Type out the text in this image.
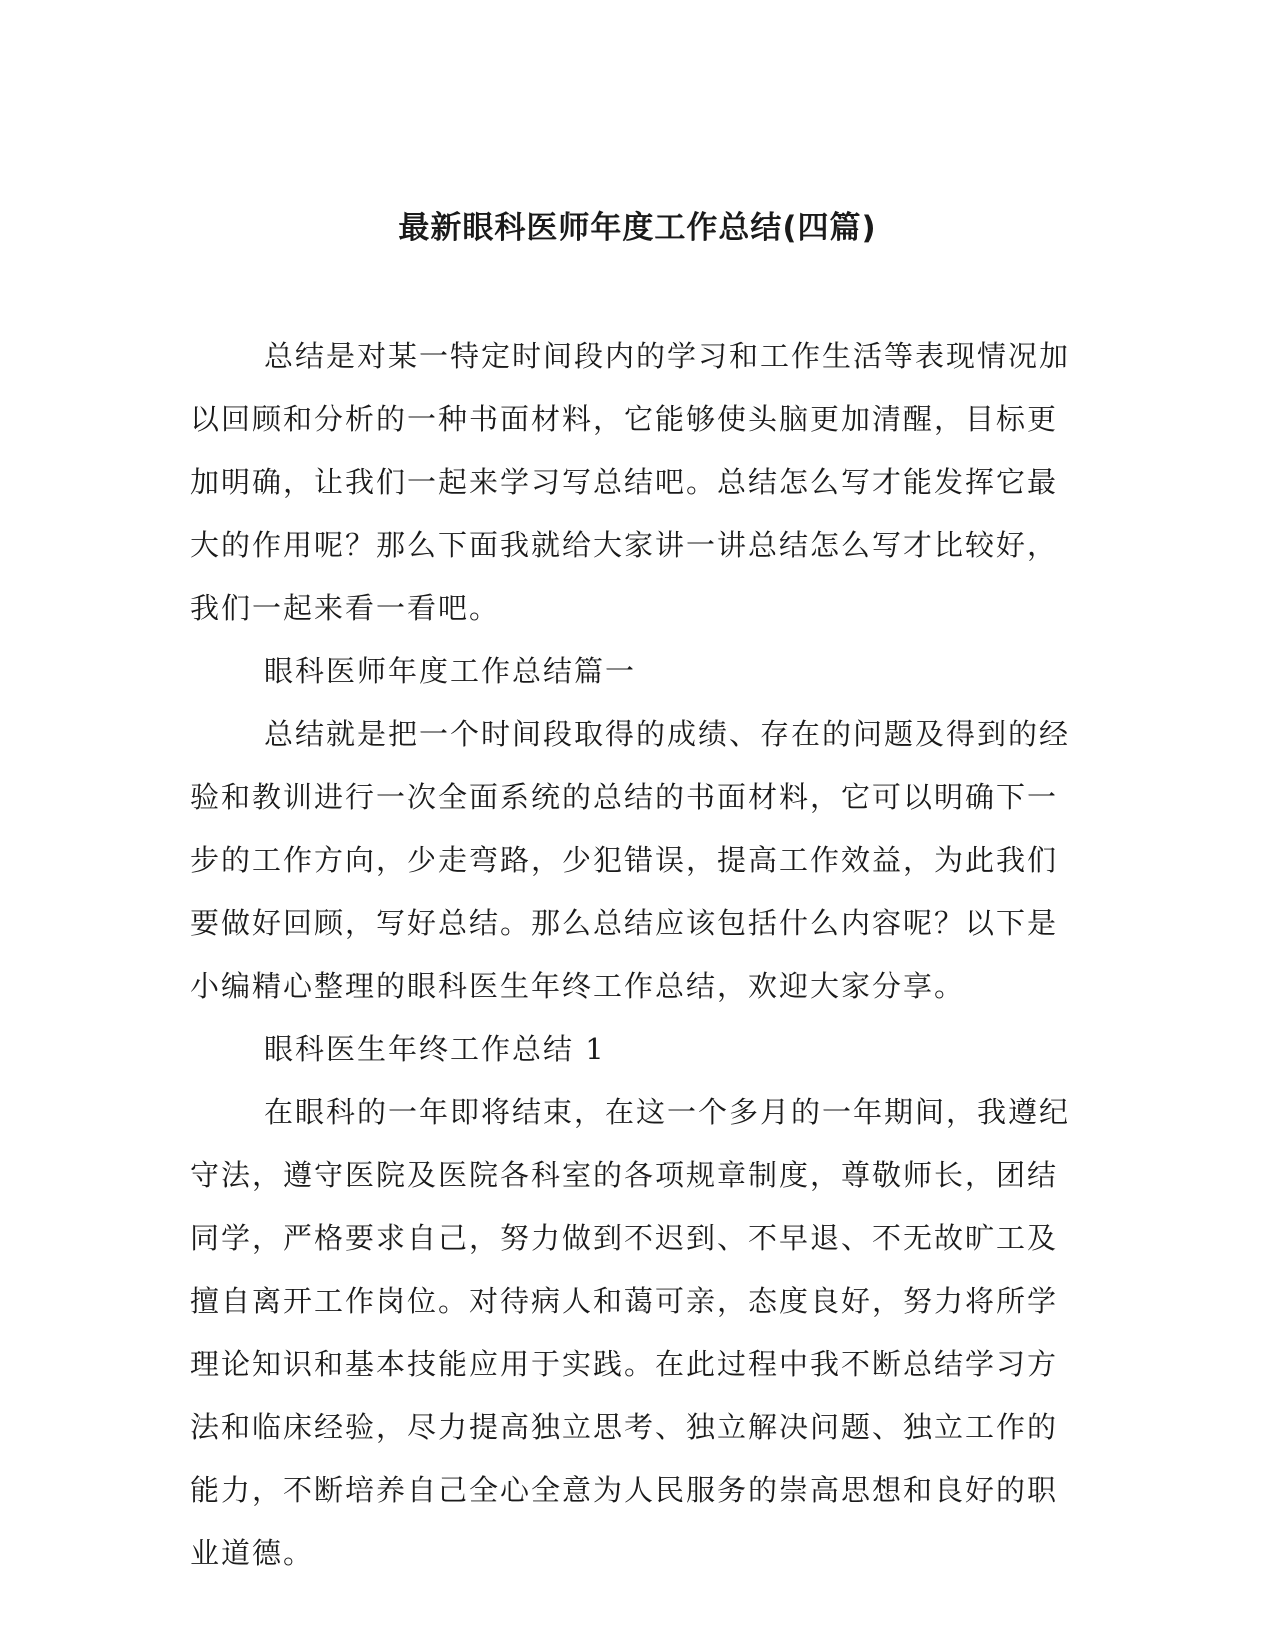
最新眼科医师年度工作总结(四篇)

总结是对某一特定时间段内的学习和工作生活等表现情况加以回顾和分析的一种书面材料，它能够使头脑更加清醒，目标更加明确，让我们一起来学习写总结吧。总结怎么写才能发挥它最大的作用呢？那么下面我就给大家讲一讲总结怎么写才比较好，我们一起来看一看吧。

眼科医师年度工作总结篇一

总结就是把一个时间段取得的成绩、存在的问题及得到的经验和教训进行一次全面系统的总结的书面材料，它可以明确下一步的工作方向，少走弯路，少犯错误，提高工作效益，为此我们要做好回顾，写好总结。那么总结应该包括什么内容呢？以下是小编精心整理的眼科医生年终工作总结，欢迎大家分享。

眼科医生年终工作总结 1

在眼科的一年即将结束，在这一个多月的一年期间，我遵纪守法，遵守医院及医院各科室的各项规章制度，尊敬师长，团结同学，严格要求自己，努力做到不迟到、不早退、不无故旷工及擅自离开工作岗位。对待病人和蔼可亲，态度良好，努力将所学理论知识和基本技能应用于实践。在此过程中我不断总结学习方法和临床经验，尽力提高独立思考、独立解决问题、独立工作的能力，不断培养自己全心全意为人民服务的崇高思想和良好的职业道德。
